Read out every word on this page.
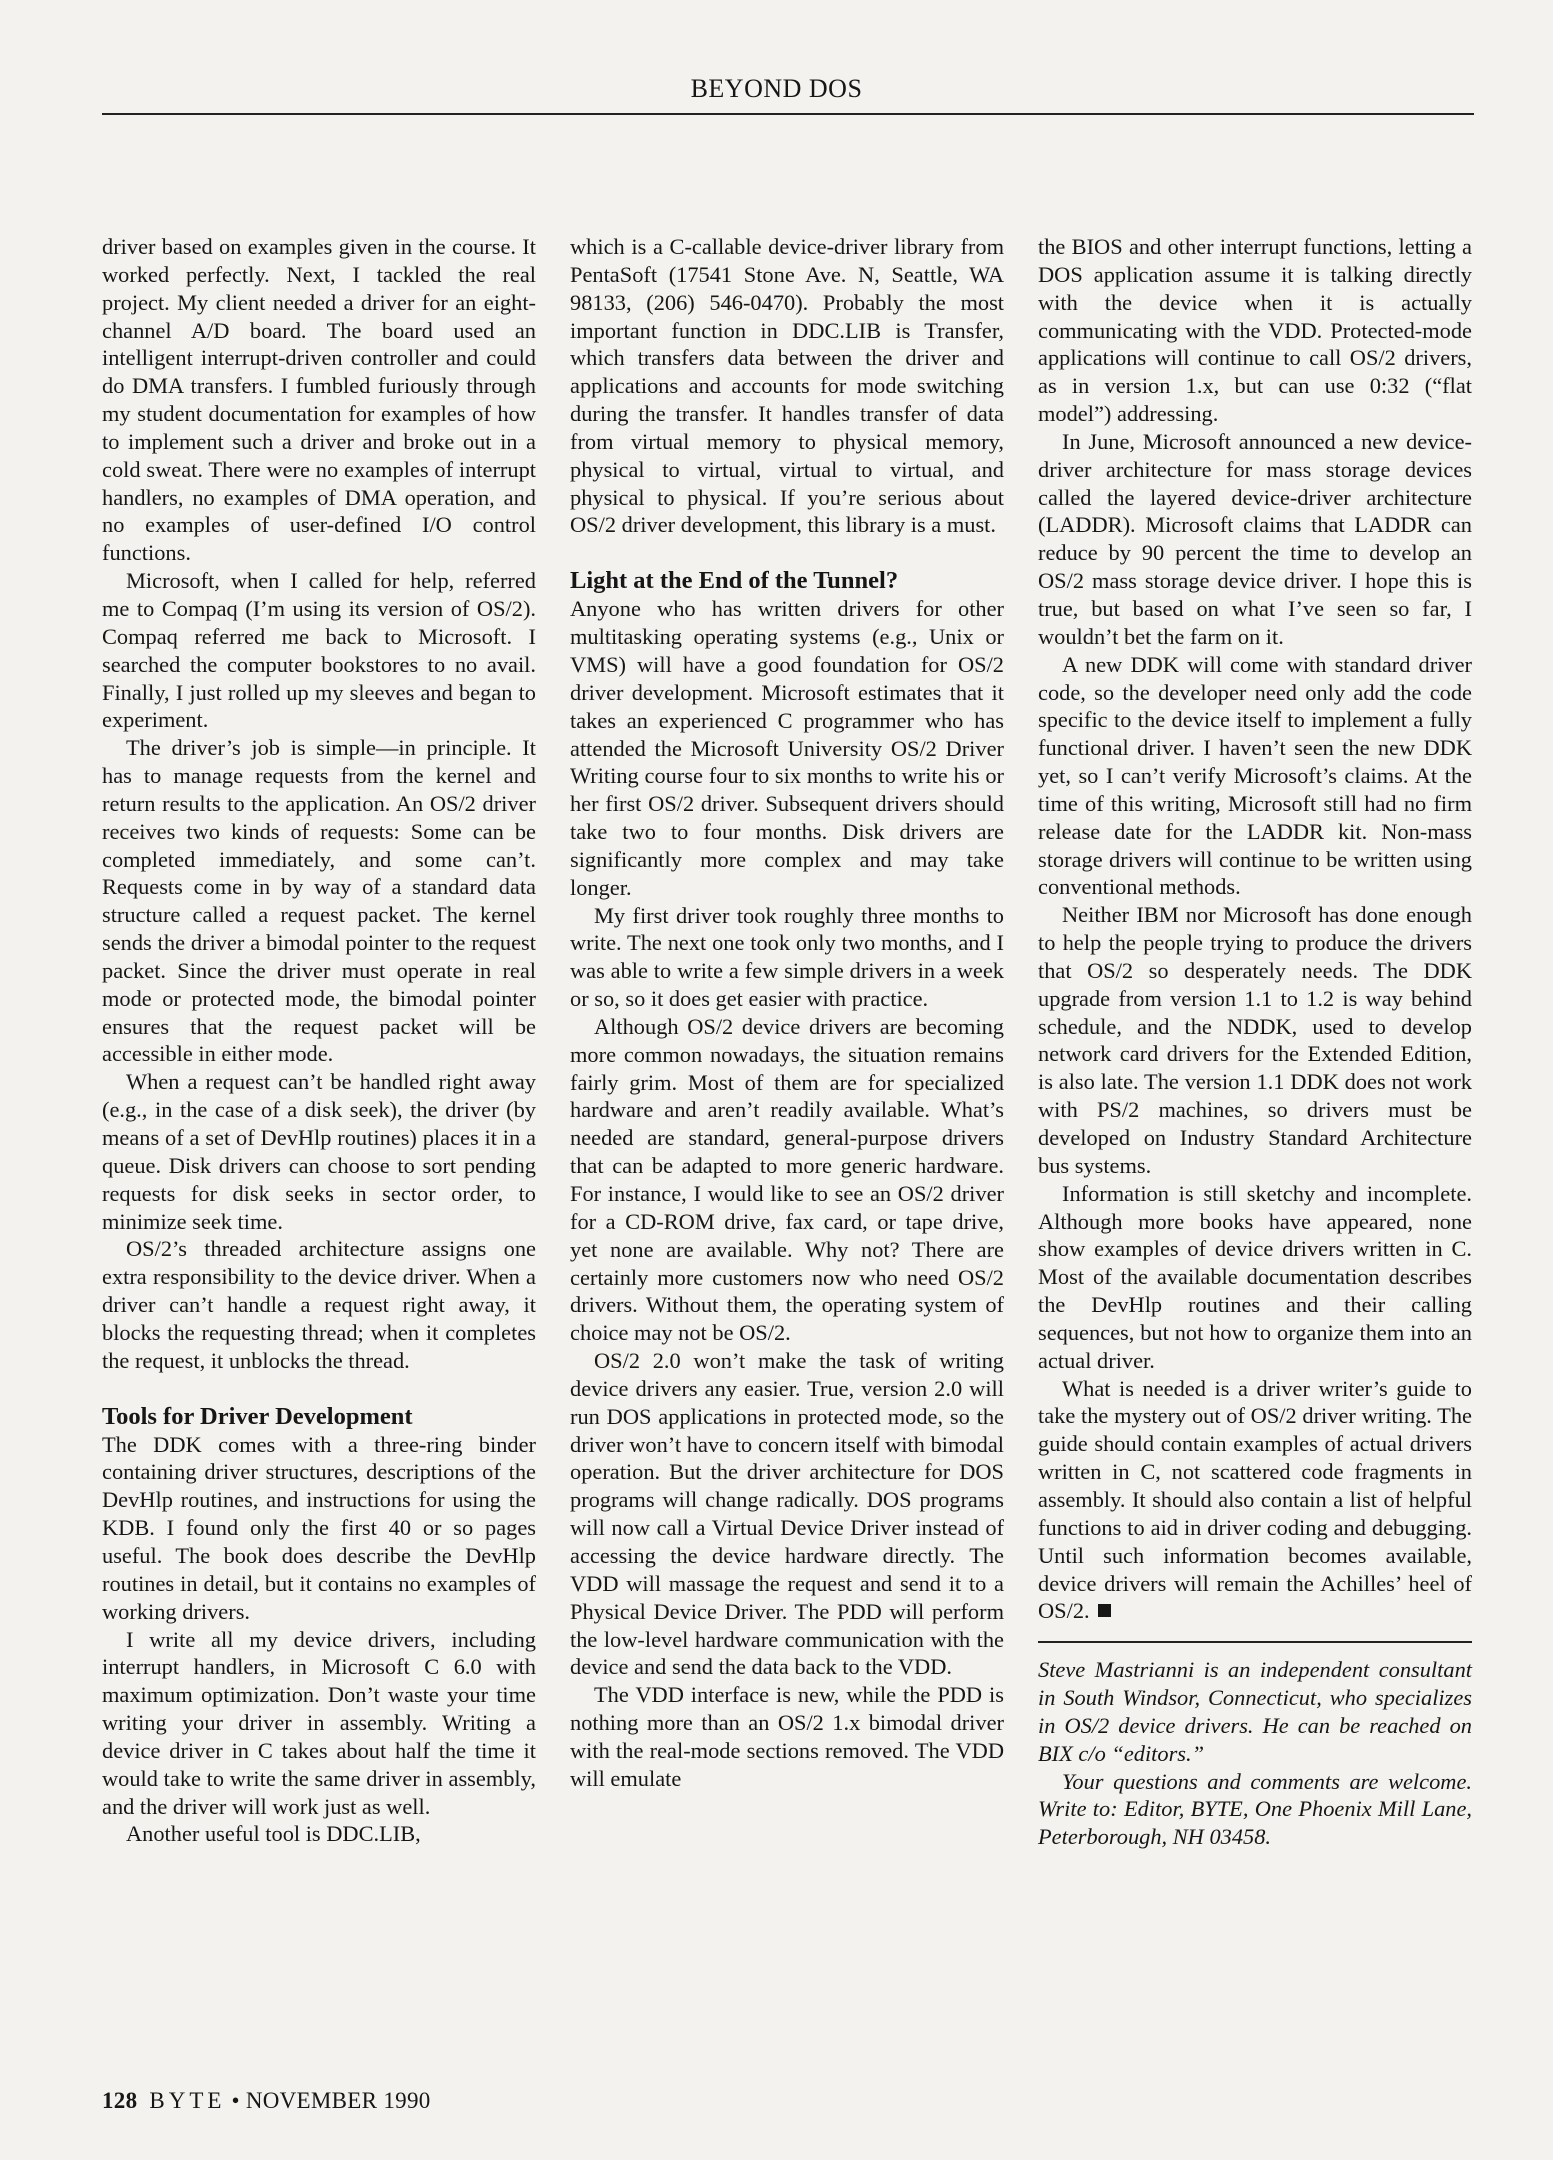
BEYOND DOS

driver based on examples given in the course. It worked perfectly. Next, I tackled the real project. My client needed a driver for an eight-channel A/D board. The board used an intelligent interrupt-driven controller and could do DMA transfers. I fumbled furiously through my student documentation for examples of how to implement such a driver and broke out in a cold sweat. There were no examples of interrupt handlers, no examples of DMA operation, and no examples of user-defined I/O control functions.

Microsoft, when I called for help, referred me to Compaq (I’m using its version of OS/2). Compaq referred me back to Microsoft. I searched the computer bookstores to no avail. Finally, I just rolled up my sleeves and began to experiment.

The driver’s job is simple—in principle. It has to manage requests from the kernel and return results to the application. An OS/2 driver receives two kinds of requests: Some can be completed immediately, and some can’t. Requests come in by way of a standard data structure called a request packet. The kernel sends the driver a bimodal pointer to the request packet. Since the driver must operate in real mode or protected mode, the bimodal pointer ensures that the request packet will be accessible in either mode.

When a request can’t be handled right away (e.g., in the case of a disk seek), the driver (by means of a set of DevHlp routines) places it in a queue. Disk drivers can choose to sort pending requests for disk seeks in sector order, to minimize seek time.

OS/2’s threaded architecture assigns one extra responsibility to the device driver. When a driver can’t handle a request right away, it blocks the requesting thread; when it completes the request, it unblocks the thread.

Tools for Driver Development

The DDK comes with a three-ring binder containing driver structures, descriptions of the DevHlp routines, and instructions for using the KDB. I found only the first 40 or so pages useful. The book does describe the DevHlp routines in detail, but it contains no examples of working drivers.

I write all my device drivers, including interrupt handlers, in Microsoft C 6.0 with maximum optimization. Don’t waste your time writing your driver in assembly. Writing a device driver in C takes about half the time it would take to write the same driver in assembly, and the driver will work just as well.

Another useful tool is DDC.LIB,

which is a C-callable device-driver library from PentaSoft (17541 Stone Ave. N, Seattle, WA 98133, (206) 546-0470). Probably the most important function in DDC.LIB is Transfer, which transfers data between the driver and applications and accounts for mode switching during the transfer. It handles transfer of data from virtual memory to physical memory, physical to virtual, virtual to virtual, and physical to physical. If you’re serious about OS/2 driver development, this library is a must.

Light at the End of the Tunnel?

Anyone who has written drivers for other multitasking operating systems (e.g., Unix or VMS) will have a good foundation for OS/2 driver development. Microsoft estimates that it takes an experienced C programmer who has attended the Microsoft University OS/2 Driver Writing course four to six months to write his or her first OS/2 driver. Subsequent drivers should take two to four months. Disk drivers are significantly more complex and may take longer.

My first driver took roughly three months to write. The next one took only two months, and I was able to write a few simple drivers in a week or so, so it does get easier with practice.

Although OS/2 device drivers are becoming more common nowadays, the situation remains fairly grim. Most of them are for specialized hardware and aren’t readily available. What’s needed are standard, general-purpose drivers that can be adapted to more generic hardware. For instance, I would like to see an OS/2 driver for a CD-ROM drive, fax card, or tape drive, yet none are available. Why not? There are certainly more customers now who need OS/2 drivers. Without them, the operating system of choice may not be OS/2.

OS/2 2.0 won’t make the task of writing device drivers any easier. True, version 2.0 will run DOS applications in protected mode, so the driver won’t have to concern itself with bimodal operation. But the driver architecture for DOS programs will change radically. DOS programs will now call a Virtual Device Driver instead of accessing the device hardware directly. The VDD will massage the request and send it to a Physical Device Driver. The PDD will perform the low-level hardware communication with the device and send the data back to the VDD.

The VDD interface is new, while the PDD is nothing more than an OS/2 1.x bimodal driver with the real-mode sections removed. The VDD will emulate

the BIOS and other interrupt functions, letting a DOS application assume it is talking directly with the device when it is actually communicating with the VDD. Protected-mode applications will continue to call OS/2 drivers, as in version 1.x, but can use 0:32 (“flat model”) addressing.

In June, Microsoft announced a new device-driver architecture for mass storage devices called the layered device-driver architecture (LADDR). Microsoft claims that LADDR can reduce by 90 percent the time to develop an OS/2 mass storage device driver. I hope this is true, but based on what I’ve seen so far, I wouldn’t bet the farm on it.

A new DDK will come with standard driver code, so the developer need only add the code specific to the device itself to implement a fully functional driver. I haven’t seen the new DDK yet, so I can’t verify Microsoft’s claims. At the time of this writing, Microsoft still had no firm release date for the LADDR kit. Non-mass storage drivers will continue to be written using conventional methods.

Neither IBM nor Microsoft has done enough to help the people trying to produce the drivers that OS/2 so desperately needs. The DDK upgrade from version 1.1 to 1.2 is way behind schedule, and the NDDK, used to develop network card drivers for the Extended Edition, is also late. The version 1.1 DDK does not work with PS/2 machines, so drivers must be developed on Industry Standard Architecture bus systems.

Information is still sketchy and incomplete. Although more books have appeared, none show examples of device drivers written in C. Most of the available documentation describes the DevHlp routines and their calling sequences, but not how to organize them into an actual driver.

What is needed is a driver writer’s guide to take the mystery out of OS/2 driver writing. The guide should contain examples of actual drivers written in C, not scattered code fragments in assembly. It should also contain a list of helpful functions to aid in driver coding and debugging. Until such information becomes available, device drivers will remain the Achilles’ heel of OS/2.

Steve Mastrianni is an independent consultant in South Windsor, Connecticut, who specializes in OS/2 device drivers. He can be reached on BIX c/o “editors.”

Your questions and comments are welcome. Write to: Editor, BYTE, One Phoenix Mill Lane, Peterborough, NH 03458.

128 BYTE • NOVEMBER 1990
